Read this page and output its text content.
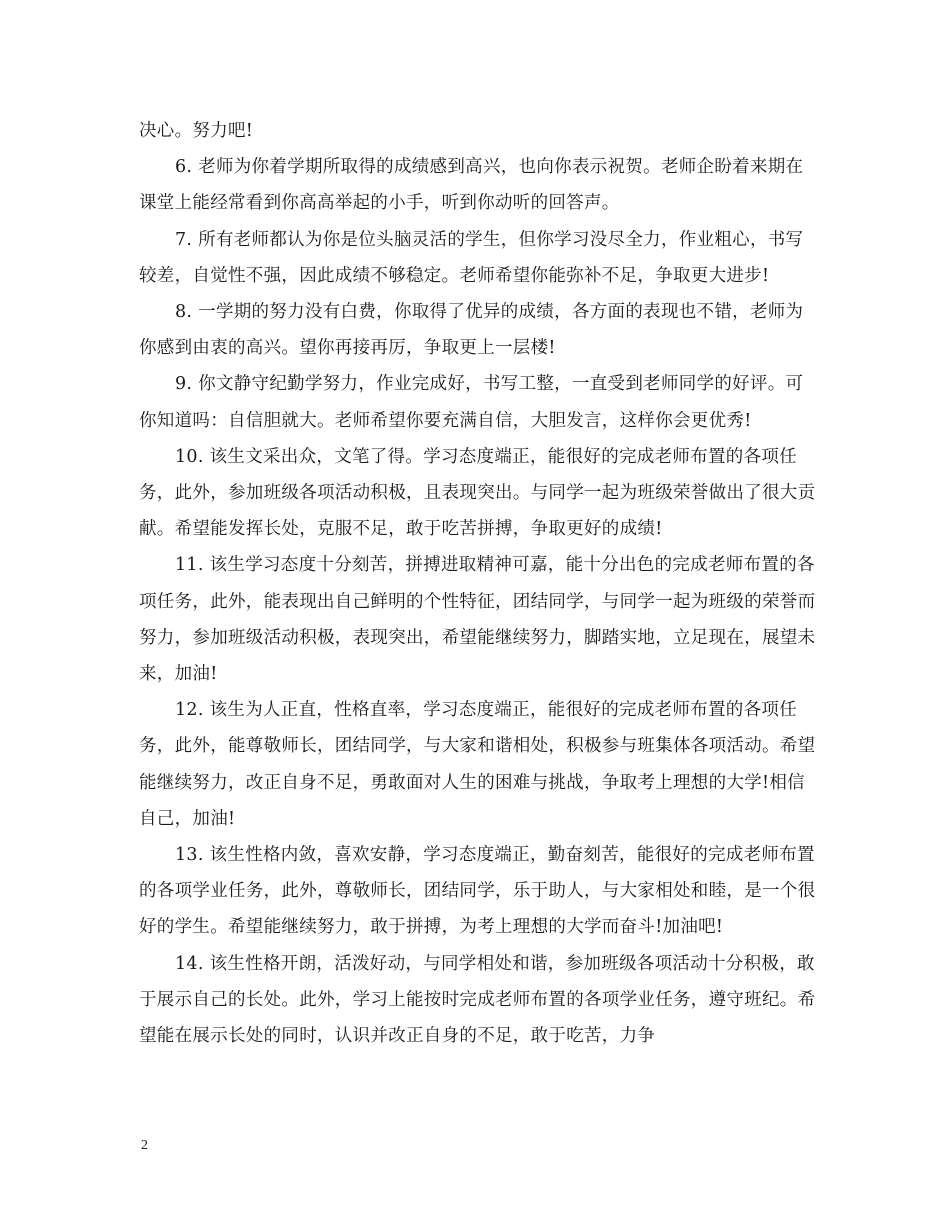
决心。努力吧!

6. 老师为你着学期所取得的成绩感到高兴，也向你表示祝贺。老师企盼着来期在课堂上能经常看到你高高举起的小手，听到你动听的回答声。

7. 所有老师都认为你是位头脑灵活的学生，但你学习没尽全力，作业粗心，书写较差，自觉性不强，因此成绩不够稳定。老师希望你能弥补不足，争取更大进步!

8. 一学期的努力没有白费，你取得了优异的成绩，各方面的表现也不错，老师为你感到由衷的高兴。望你再接再厉，争取更上一层楼!

9. 你文静守纪勤学努力，作业完成好，书写工整，一直受到老师同学的好评。可你知道吗：自信胆就大。老师希望你要充满自信，大胆发言，这样你会更优秀!

10. 该生文采出众，文笔了得。学习态度端正，能很好的完成老师布置的各项任务，此外，参加班级各项活动积极，且表现突出。与同学一起为班级荣誉做出了很大贡献。希望能发挥长处，克服不足，敢于吃苦拼搏，争取更好的成绩!

11. 该生学习态度十分刻苦，拼搏进取精神可嘉，能十分出色的完成老师布置的各项任务，此外，能表现出自己鲜明的个性特征，团结同学，与同学一起为班级的荣誉而努力，参加班级活动积极，表现突出，希望能继续努力，脚踏实地，立足现在，展望未来，加油!

12. 该生为人正直，性格直率，学习态度端正，能很好的完成老师布置的各项任务，此外，能尊敬师长，团结同学，与大家和谐相处，积极参与班集体各项活动。希望能继续努力，改正自身不足，勇敢面对人生的困难与挑战，争取考上理想的大学!相信自己，加油!

13. 该生性格内敛，喜欢安静，学习态度端正，勤奋刻苦，能很好的完成老师布置的各项学业任务，此外，尊敬师长，团结同学，乐于助人，与大家相处和睦，是一个很好的学生。希望能继续努力，敢于拼搏，为考上理想的大学而奋斗!加油吧!

14. 该生性格开朗，活泼好动，与同学相处和谐，参加班级各项活动十分积极，敢于展示自己的长处。此外，学习上能按时完成老师布置的各项学业任务，遵守班纪。希望能在展示长处的同时，认识并改正自身的不足，敢于吃苦，力争

2
